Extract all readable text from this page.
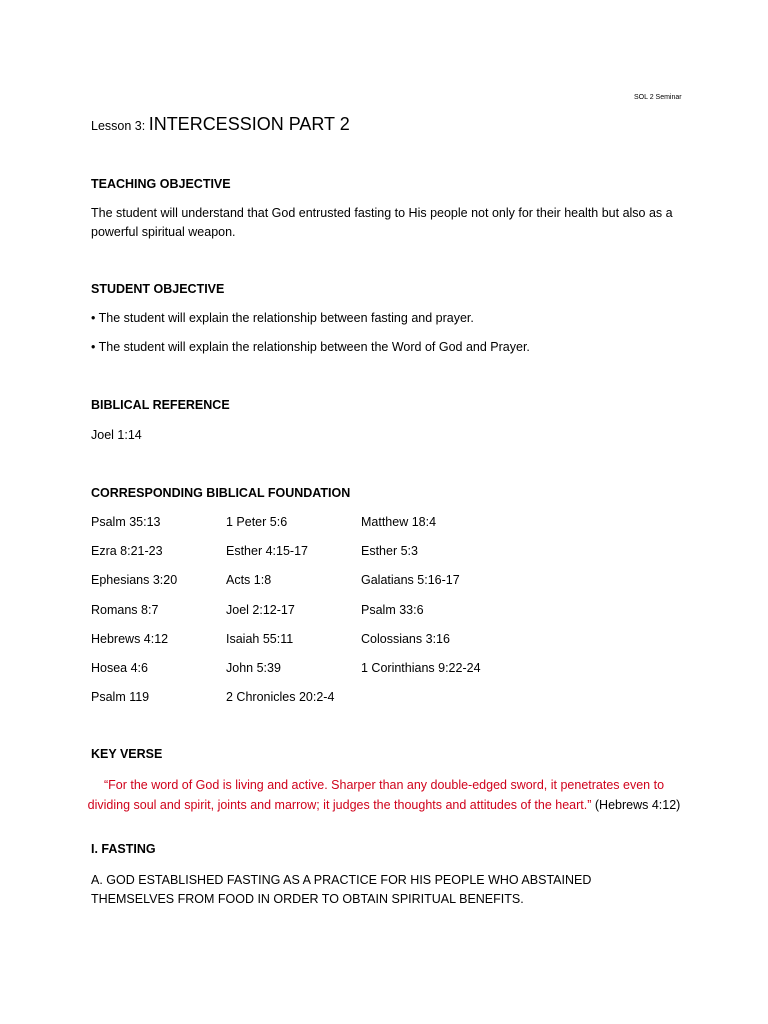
SOL 2 Seminar
Lesson 3: INTERCESSION PART 2
TEACHING OBJECTIVE
The student will understand that God entrusted fasting to His people not only for their health but also as a powerful spiritual weapon.
STUDENT OBJECTIVE
• The student will explain the relationship between fasting and prayer.
• The student will explain the relationship between the Word of God and Prayer.
BIBLICAL REFERENCE
Joel 1:14
CORRESPONDING BIBLICAL FOUNDATION
Psalm 35:13	1 Peter 5:6	Matthew 18:4
Ezra 8:21-23	Esther 4:15-17	Esther 5:3
Ephesians 3:20	Acts 1:8	Galatians 5:16-17
Romans 8:7	Joel 2:12-17	Psalm 33:6
Hebrews 4:12	Isaiah 55:11	Colossians 3:16
Hosea 4:6	John 5:39	1 Corinthians 9:22-24
Psalm 119	2 Chronicles 20:2-4
KEY VERSE
“For the word of God is living and active. Sharper than any double-edged sword, it penetrates even to dividing soul and spirit, joints and marrow; it judges the thoughts and attitudes of the heart.” (Hebrews 4:12)
I. FASTING
A. GOD ESTABLISHED FASTING AS A PRACTICE FOR HIS PEOPLE WHO ABSTAINED THEMSELVES FROM FOOD IN ORDER TO OBTAIN SPIRITUAL BENEFITS.
